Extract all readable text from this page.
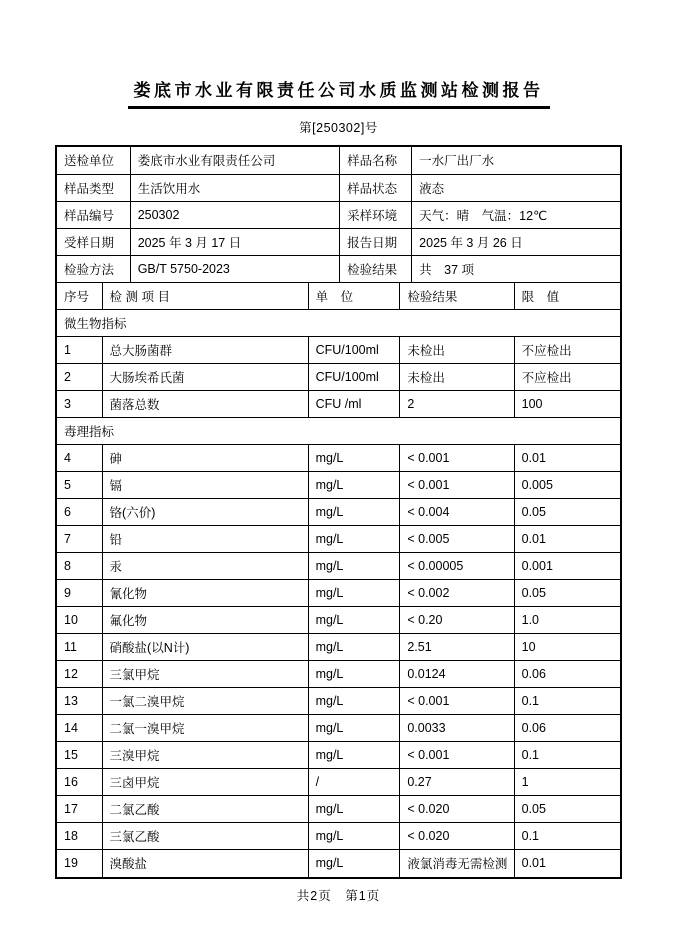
娄底市水业有限责任公司水质监测站检测报告
第[250302]号
送检单位	娄底市水业有限责任公司	样品名称	一水厂出厂水
样品类型	生活饮用水	样品状态	液态
样品编号	250302	采样环境	天气：晴　气温：12℃
受样日期	2025 年 3 月 17 日	报告日期	2025 年 3 月 26 日
检验方法	GB/T 5750-2023	检验结果	共　37 项
序号	检 测 项 目	单　位	检验结果	限　值
微生物指标				
1	总大肠菌群	CFU/100ml	未检出	不应检出
2	大肠埃希氏菌	CFU/100ml	未检出	不应检出
3	菌落总数	CFU /ml	2	100
毒理指标				
4	砷	mg/L	< 0.001	0.01
5	镉	mg/L	< 0.001	0.005
6	铬(六价)	mg/L	< 0.004	0.05
7	铅	mg/L	< 0.005	0.01
8	汞	mg/L	< 0.00005	0.001
9	氰化物	mg/L	< 0.002	0.05
10	氟化物	mg/L	< 0.20	1.0
11	硝酸盐(以N计)	mg/L	2.51	10
12	三氯甲烷	mg/L	0.0124	0.06
13	一氯二溴甲烷	mg/L	< 0.001	0.1
14	二氯一溴甲烷	mg/L	0.0033	0.06
15	三溴甲烷	mg/L	< 0.001	0.1
16	三卤甲烷	/	0.27	1
17	二氯乙酸	mg/L	< 0.020	0.05
18	三氯乙酸	mg/L	< 0.020	0.1
19	溴酸盐	mg/L	液氯消毒无需检测	0.01
共2页　第1页
